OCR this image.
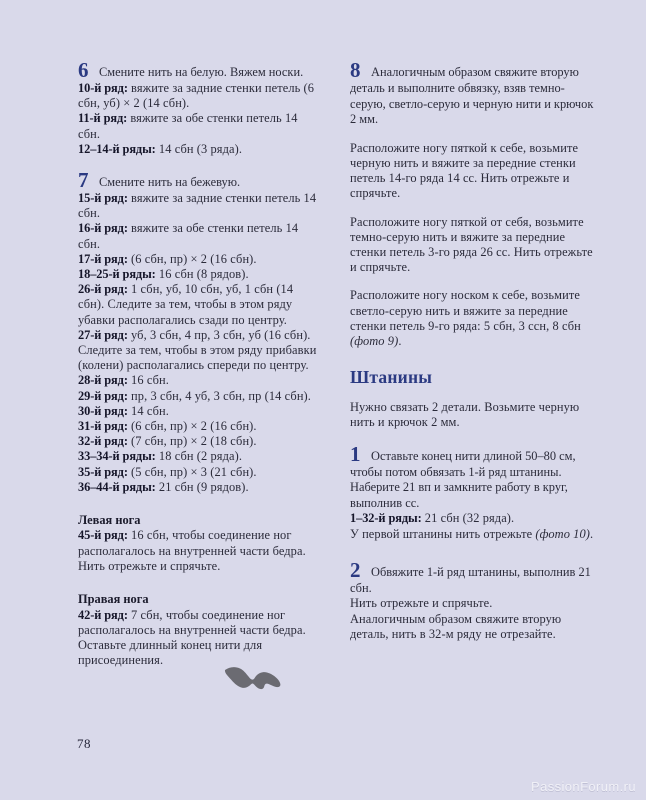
6 Смените нить на белую. Вяжем носки.

10-й ряд: вяжите за задние стенки петель (6 сбн, уб) × 2 (14 сбн).

11-й ряд: вяжите за обе стенки петель 14 сбн.

12–14-й ряды: 14 сбн (3 ряда).

7 Смените нить на бежевую.

15-й ряд: вяжите за задние стенки петель 14 сбн.

16-й ряд: вяжите за обе стенки петель 14 сбн.

17-й ряд: (6 сбн, пр) × 2 (16 сбн).

18–25-й ряды: 16 сбн (8 рядов).

26-й ряд: 1 сбн, уб, 10 сбн, уб, 1 сбн (14 сбн). Следите за тем, чтобы в этом ряду убавки располагались сзади по центру.

27-й ряд: уб, 3 сбн, 4 пр, 3 сбн, уб (16 сбн). Следите за тем, чтобы в этом ряду прибавки (колени) располагались спереди по центру.

28-й ряд: 16 сбн.

29-й ряд: пр, 3 сбн, 4 уб, 3 сбн, пр (14 сбн).

30-й ряд: 14 сбн.

31-й ряд: (6 сбн, пр) × 2 (16 сбн).

32-й ряд: (7 сбн, пр) × 2 (18 сбн).

33–34-й ряды: 18 сбн (2 ряда).

35-й ряд: (5 сбн, пр) × 3 (21 сбн).

36–44-й ряды: 21 сбн (9 рядов).

Левая нога

45-й ряд: 16 сбн, чтобы соединение ног располагалось на внутренней части бедра.

Нить отрежьте и спрячьте.

Правая нога

42-й ряд: 7 сбн, чтобы соединение ног располагалось на внутренней части бедра.

Оставьте длинный конец нити для присоединения.

8 Аналогичным образом свяжите вторую деталь и выполните обвязку, взяв темно-серую, светло-серую и черную нити и крючок 2 мм.

Расположите ногу пяткой к себе, возьмите черную нить и вяжите за передние стенки петель 14-го ряда 14 сс. Нить отрежьте и спрячьте.

Расположите ногу пяткой от себя, возьмите темно-серую нить и вяжите за передние стенки петель 3-го ряда 26 сс. Нить отрежьте и спрячьте.

Расположите ногу носком к себе, возьмите светло-серую нить и вяжите за передние стенки петель 9-го ряда: 5 сбн, 3 ссн, 8 сбн (фото 9).

Штанины

Нужно связать 2 детали. Возьмите черную нить и крючок 2 мм.

1 Оставьте конец нити длиной 50–80 см, чтобы потом обвязать 1-й ряд штанины. Наберите 21 вп и замкните работу в круг, выполнив сс.

1–32-й ряды: 21 сбн (32 ряда).

У первой штанины нить отрежьте (фото 10).

2 Обвяжите 1-й ряд штанины, выполнив 21 сбн.

Нить отрежьте и спрячьте.

Аналогичным образом свяжите вторую деталь, нить в 32-м ряду не отрезайте.

78
PassionForum.ru
